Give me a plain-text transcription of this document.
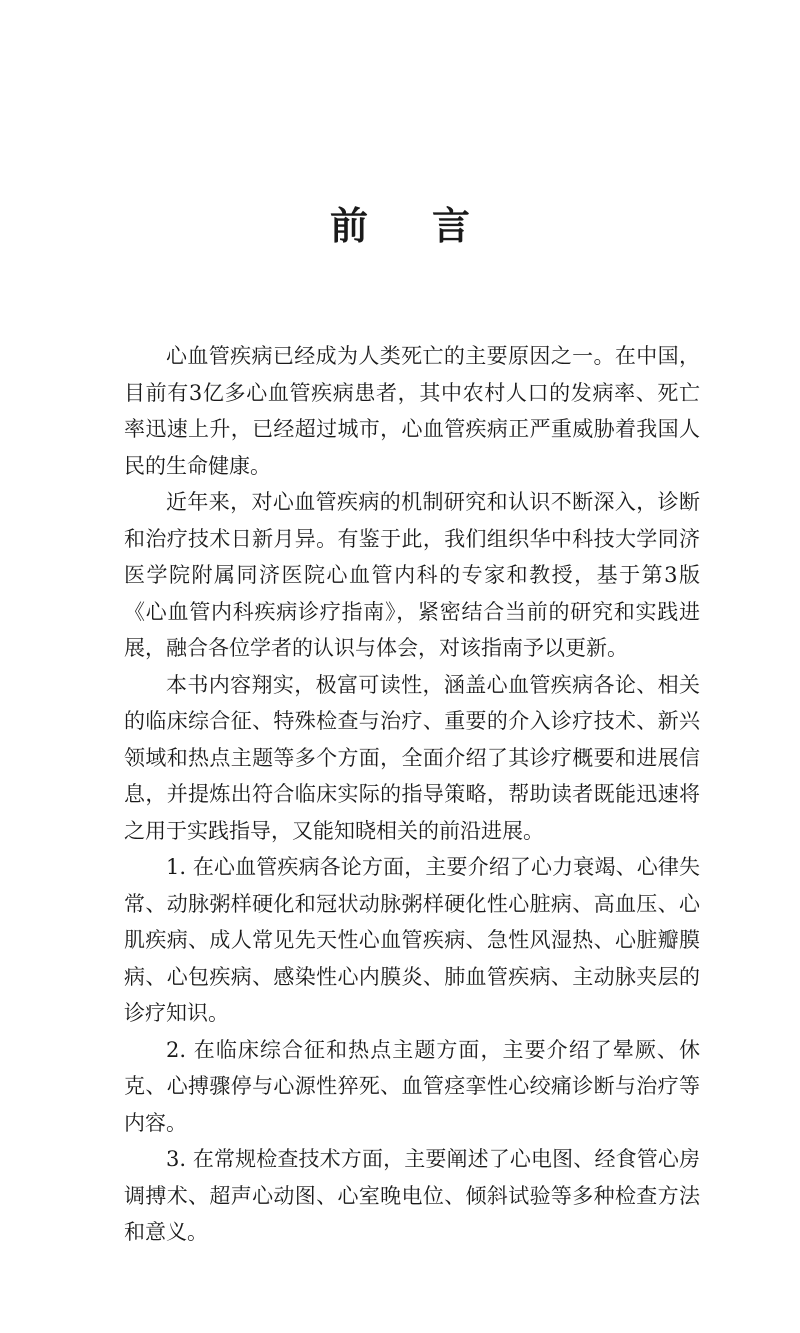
前 言

心血管疾病已经成为人类死亡的主要原因之一。在中国，目前有3亿多心血管疾病患者，其中农村人口的发病率、死亡率迅速上升，已经超过城市，心血管疾病正严重威胁着我国人民的生命健康。

近年来，对心血管疾病的机制研究和认识不断深入，诊断和治疗技术日新月异。有鉴于此，我们组织华中科技大学同济医学院附属同济医院心血管内科的专家和教授，基于第3版《心血管内科疾病诊疗指南》，紧密结合当前的研究和实践进展，融合各位学者的认识与体会，对该指南予以更新。

本书内容翔实，极富可读性，涵盖心血管疾病各论、相关的临床综合征、特殊检查与治疗、重要的介入诊疗技术、新兴领域和热点主题等多个方面，全面介绍了其诊疗概要和进展信息，并提炼出符合临床实际的指导策略，帮助读者既能迅速将之用于实践指导，又能知晓相关的前沿进展。

1. 在心血管疾病各论方面，主要介绍了心力衰竭、心律失常、动脉粥样硬化和冠状动脉粥样硬化性心脏病、高血压、心肌疾病、成人常见先天性心血管疾病、急性风湿热、心脏瓣膜病、心包疾病、感染性心内膜炎、肺血管疾病、主动脉夹层的诊疗知识。

2. 在临床综合征和热点主题方面，主要介绍了晕厥、休克、心搏骤停与心源性猝死、血管痉挛性心绞痛诊断与治疗等内容。

3. 在常规检查技术方面，主要阐述了心电图、经食管心房调搏术、超声心动图、心室晚电位、倾斜试验等多种检查方法和意义。
